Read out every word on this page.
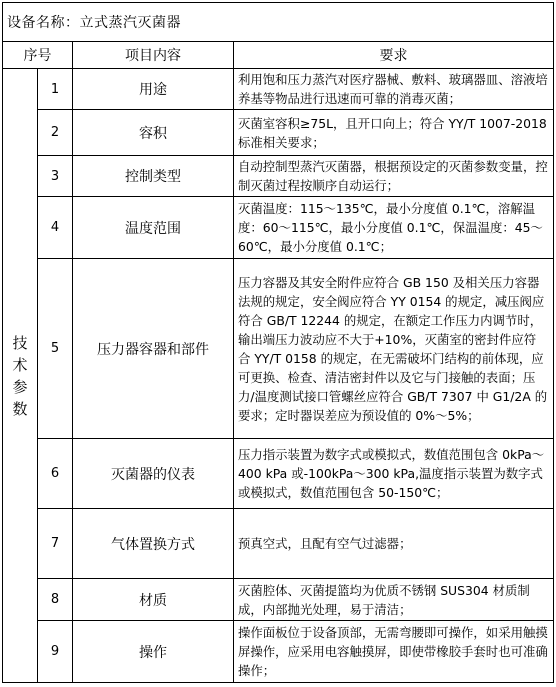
设备名称：立式蒸汽灭菌器			
序号		项目内容	要求
技术参数	1	用途	利用饱和压力蒸汽对医疗器械、敷料、玻璃器皿、溶液培养基等物品进行迅速而可靠的消毒灭菌；
	2	容积	灭菌室容积≥75L，且开口向上；符合 YY/T 1007-2018 标准相关要求；
	3	控制类型	自动控制型蒸汽灭菌器，根据预设定的灭菌参数变量，控制灭菌过程按顺序自动运行；
	4	温度范围	灭菌温度：115～135℃，最小分度值 0.1℃，溶解温度：60～115℃，最小分度值 0.1℃，保温温度：45～60℃，最小分度值 0.1℃；
	5	压力器容器和部件	压力容器及其安全附件应符合 GB 150 及相关压力容器法规的规定，安全阀应符合 YY 0154 的规定，减压阀应符合 GB/T 12244 的规定，在额定工作压力内调节时，输出端压力波动应不大于+10%，灭菌室的密封件应符合 YY/T 0158 的规定，在无需破坏门结构的前体现，应可更换、检查、清洁密封件以及它与门接触的表面；压力/温度测试接口管螺丝应符合 GB/T 7307 中 G1/2A 的要求；定时器误差应为预设值的 0%～5%；
	6	灭菌器的仪表	压力指示装置为数字式或模拟式，数值范围包含 0kPa～400 kPa 或-100kPa～300 kPa,温度指示装置为数字式或模拟式，数值范围包含 50-150℃；
	7	气体置换方式	预真空式，且配有空气过滤器；
	8	材质	灭菌腔体、灭菌提篮均为优质不锈钢 SUS304 材质制成，内部抛光处理，易于清洁；
	9	操作	操作面板位于设备顶部，无需弯腰即可操作，如采用触摸屏操作，应采用电容触摸屏，即使带橡胶手套时也可准确操作；
